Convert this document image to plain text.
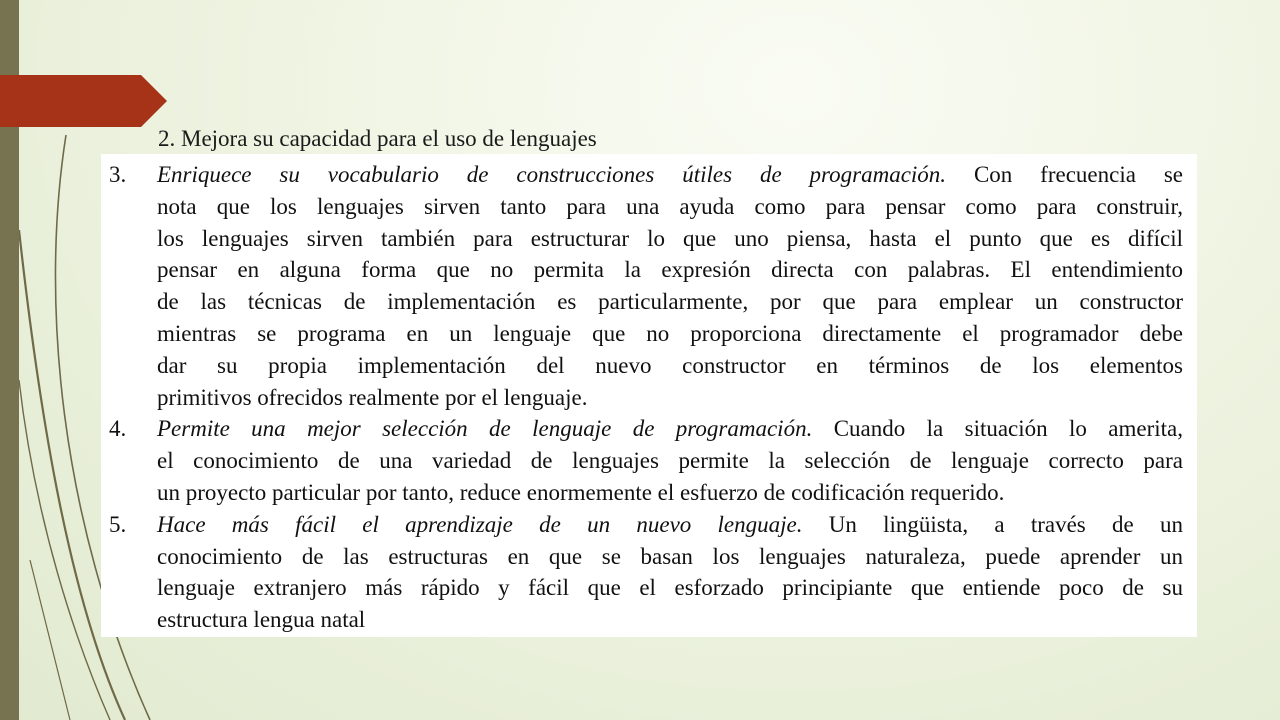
2. Mejora su capacidad para el uso de lenguajes
3. Enriquece su vocabulario de construcciones útiles de programación. Con frecuencia se
nota que los lenguajes sirven tanto para una ayuda como para pensar como para construir,
los lenguajes sirven también para estructurar lo que uno piensa, hasta el punto que es difícil
pensar en alguna forma que no permita la expresión directa con palabras. El entendimiento
de las técnicas de implementación es particularmente, por que para emplear un constructor
mientras se programa en un lenguaje que no proporciona directamente el programador debe
dar su propia implementación del nuevo constructor en términos de los elementos
primitivos ofrecidos realmente por el lenguaje.
4. Permite una mejor selección de lenguaje de programación. Cuando la situación lo amerita,
el conocimiento de una variedad de lenguajes permite la selección de lenguaje correcto para
un proyecto particular por tanto, reduce enormemente el esfuerzo de codificación requerido.
5. Hace más fácil el aprendizaje de un nuevo lenguaje. Un lingüista, a través de un
conocimiento de las estructuras en que se basan los lenguajes naturaleza, puede aprender un
lenguaje extranjero más rápido y fácil que el esforzado principiante que entiende poco de su
estructura lengua natal
